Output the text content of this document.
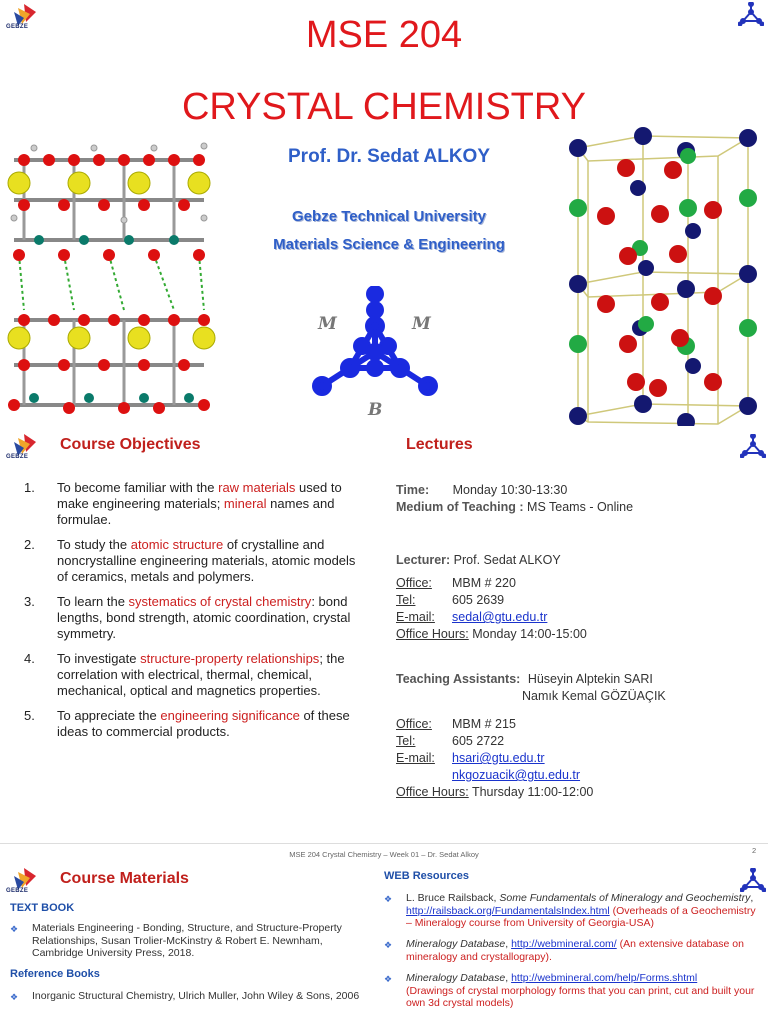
GEBZE	MSE 204
CRYSTAL CHEMISTRY
Prof. Dr. Sedat ALKOY
Gebze Technical University
Materials Science & Engineering
M	M
B
GEBZE
Course Objectives
1.	To become familiar with the raw materials used to make engineering materials; mineral names and formulae.
2.	To study the atomic structure of crystalline and noncrystalline engineering materials, atomic models of ceramics, metals and polymers.
3.	To learn the systematics of crystal chemistry: bond lengths, bond strength, atomic coordination, crystal symmetry.
4.	To investigate structure-property relationships; the correlation with electrical, thermal, chemical, mechanical, optical and magnetics properties.
5.	To appreciate the engineering significance of these ideas to commercial products.
Lectures
Time: Monday 10:30-13:30
Medium of Teaching : MS Teams - Online
Lecturer: Prof. Sedat ALKOY
Office: MBM # 220
Tel:	605 2639
E-mail: sedal@gtu.edu.tr
Office Hours: Monday 14:00-15:00
Teaching Assistants: Hüseyin Alptekin SARI
Namık Kemal GÖZÜAÇIK
Office: MBM # 215
Tel:	605 2722
E-mail: hsari@gtu.edu.tr
nkgozuacik@gtu.edu.tr
Office Hours: Thursday 11:00-12:00
MSE 204 Crystal Chemistry – Week 01 – Dr. Sedat Alkoy	2
GEBZE
Course Materials
TEXT BOOK
❖	Materials Engineering - Bonding, Structure, and Structure-Property Relationships, Susan Trolier-McKinstry & Robert E. Newnham, Cambridge University Press, 2018.
Reference Books
❖	Inorganic Structural Chemistry, Ulrich Muller, John Wiley & Sons, 2006
WEB Resources
❖	L. Bruce Railsback, Some Fundamentals of Mineralogy and Geochemistry, http://railsback.org/FundamentalsIndex.html (Overheads of a Geochemistry – Mineralogy course from University of Georgia-USA)
❖	Mineralogy Database, http://webmineral.com/ (An extensive database on mineralogy and crystallograpy).
❖	Mineralogy Database, http://webmineral.com/help/Forms.shtml
(Drawings of crystal morphology forms that you can print, cut and built your own 3d crystal models)
